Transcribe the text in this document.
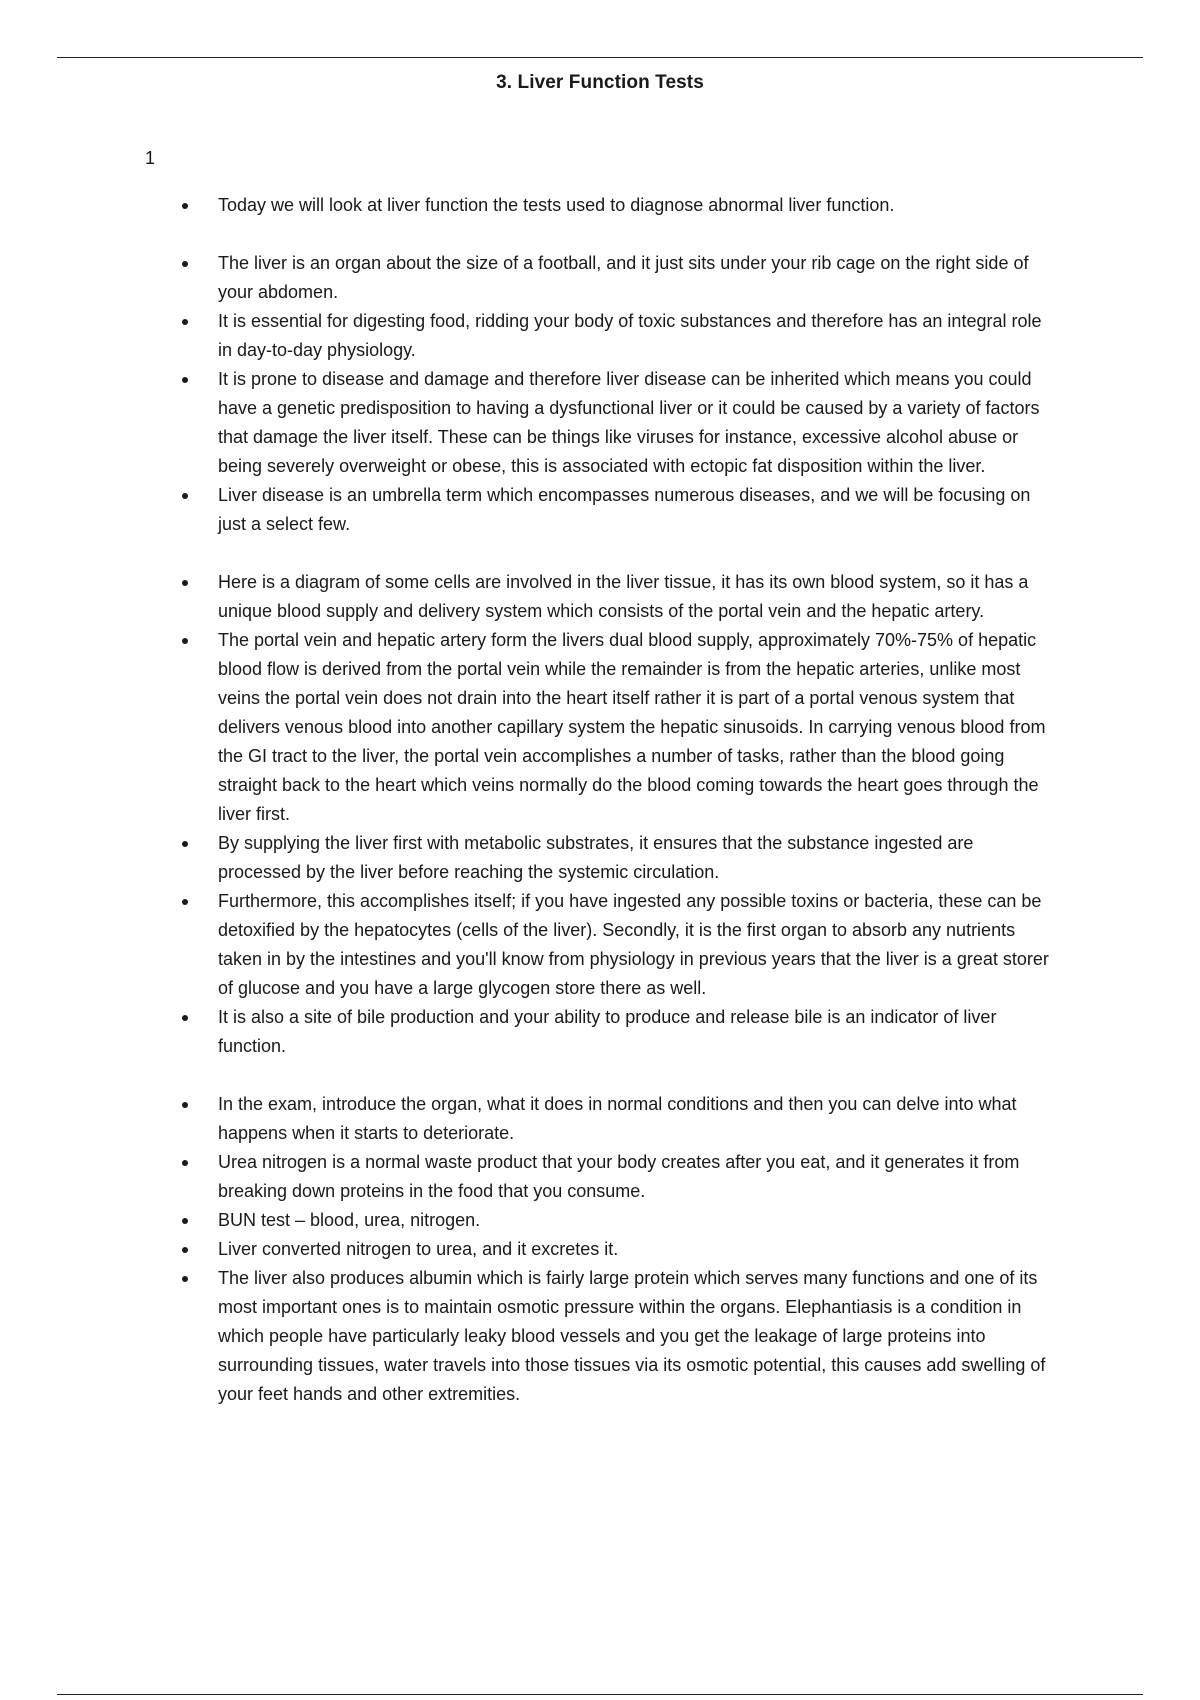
3. Liver Function Tests
1
Today we will look at liver function the tests used to diagnose abnormal liver function.
The liver is an organ about the size of a football, and it just sits under your rib cage on the right side of your abdomen.
It is essential for digesting food, ridding your body of toxic substances and therefore has an integral role in day-to-day physiology.
It is prone to disease and damage and therefore liver disease can be inherited which means you could have a genetic predisposition to having a dysfunctional liver or it could be caused by a variety of factors that damage the liver itself. These can be things like viruses for instance, excessive alcohol abuse or being severely overweight or obese, this is associated with ectopic fat disposition within the liver.
Liver disease is an umbrella term which encompasses numerous diseases, and we will be focusing on just a select few.
Here is a diagram of some cells are involved in the liver tissue, it has its own blood system, so it has a unique blood supply and delivery system which consists of the portal vein and the hepatic artery.
The portal vein and hepatic artery form the livers dual blood supply, approximately 70%-75% of hepatic blood flow is derived from the portal vein while the remainder is from the hepatic arteries, unlike most veins the portal vein does not drain into the heart itself rather it is part of a portal venous system that delivers venous blood into another capillary system the hepatic sinusoids. In carrying venous blood from the GI tract to the liver, the portal vein accomplishes a number of tasks, rather than the blood going straight back to the heart which veins normally do the blood coming towards the heart goes through the liver first.
By supplying the liver first with metabolic substrates, it ensures that the substance ingested are processed by the liver before reaching the systemic circulation.
Furthermore, this accomplishes itself; if you have ingested any possible toxins or bacteria, these can be detoxified by the hepatocytes (cells of the liver). Secondly, it is the first organ to absorb any nutrients taken in by the intestines and you'll know from physiology in previous years that the liver is a great storer of glucose and you have a large glycogen store there as well.
It is also a site of bile production and your ability to produce and release bile is an indicator of liver function.
In the exam, introduce the organ, what it does in normal conditions and then you can delve into what happens when it starts to deteriorate.
Urea nitrogen is a normal waste product that your body creates after you eat, and it generates it from breaking down proteins in the food that you consume.
BUN test – blood, urea, nitrogen.
Liver converted nitrogen to urea, and it excretes it.
The liver also produces albumin which is fairly large protein which serves many functions and one of its most important ones is to maintain osmotic pressure within the organs. Elephantiasis is a condition in which people have particularly leaky blood vessels and you get the leakage of large proteins into surrounding tissues, water travels into those tissues via its osmotic potential, this causes add swelling of your feet hands and other extremities.
